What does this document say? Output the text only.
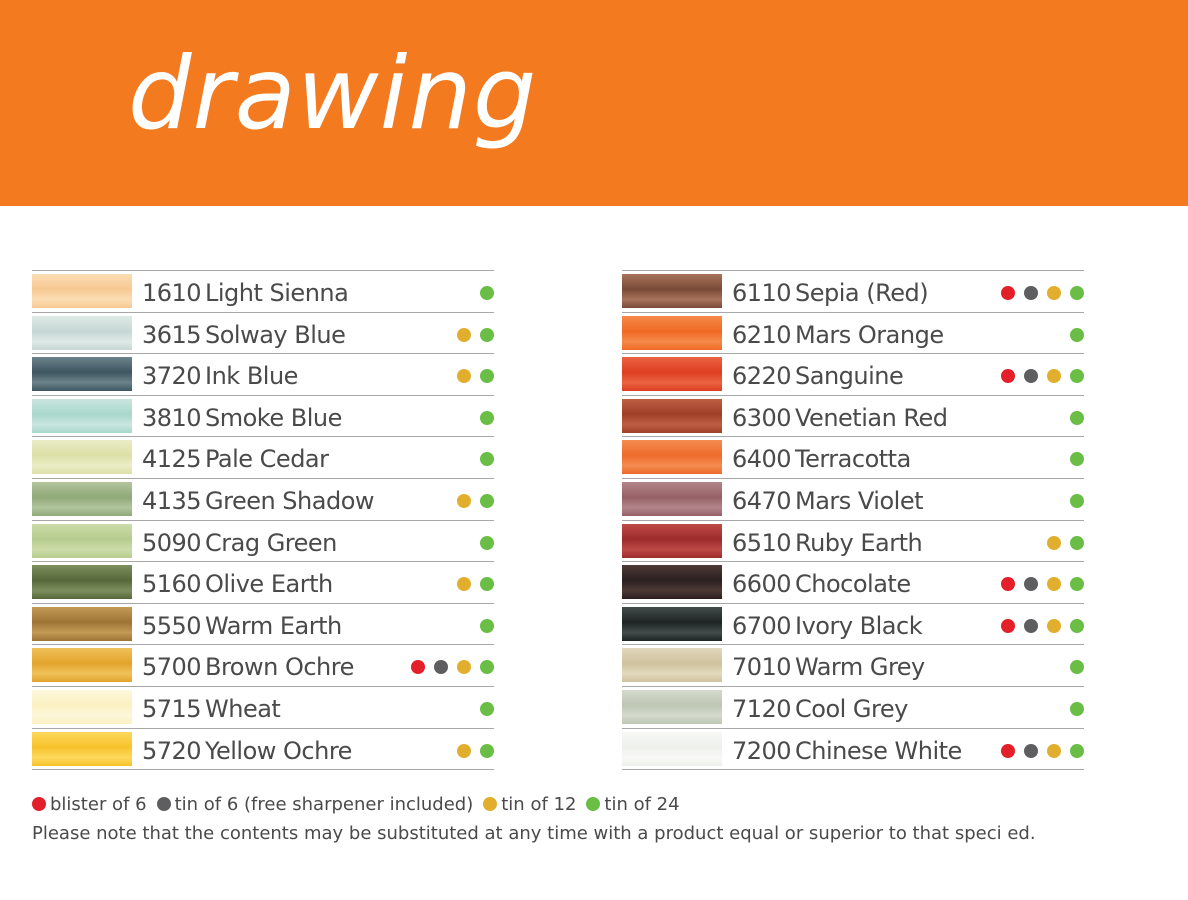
drawing
1610 Light Sienna
3615 Solway Blue
3720 Ink Blue
3810 Smoke Blue
4125 Pale Cedar
4135 Green Shadow
5090 Crag Green
5160 Olive Earth
5550 Warm Earth
5700 Brown Ochre
5715 Wheat
5720 Yellow Ochre
6110 Sepia (Red)
6210 Mars Orange
6220 Sanguine
6300 Venetian Red
6400 Terracotta
6470 Mars Violet
6510 Ruby Earth
6600 Chocolate
6700 Ivory Black
7010 Warm Grey
7120 Cool Grey
7200 Chinese White
blister of 6 tin of 6 (free sharpener included) tin of 12 tin of 24
Please note that the contents may be substituted at any time with a product equal or superior to that speci ed.
